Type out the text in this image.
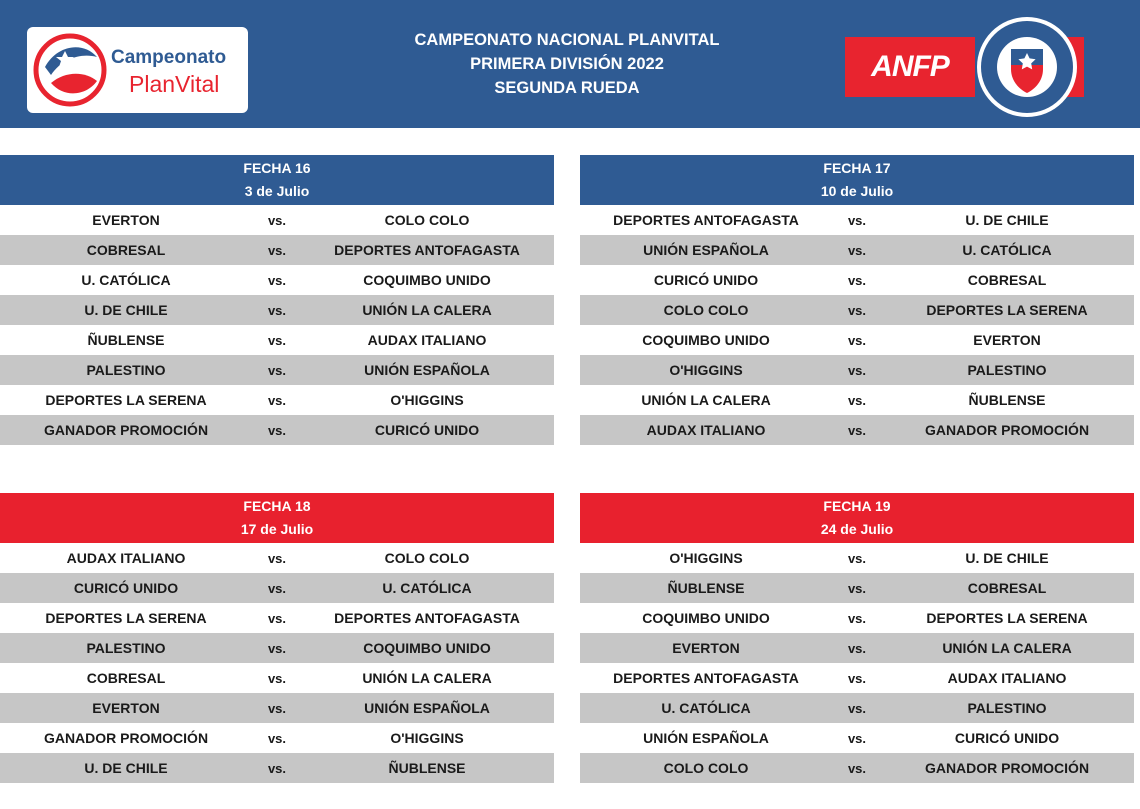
Campeonato
PlanVital
CAMPEONATO NACIONAL PLANVITAL
PRIMERA DIVISIÓN 2022
SEGUNDA RUEDA
ANFP
FECHA 16
3 de Julio
EVERTON	vs.	COLO COLO
COBRESAL	vs.	DEPORTES ANTOFAGASTA
U. CATÓLICA	vs.	COQUIMBO UNIDO
U. DE CHILE	vs.	UNIÓN LA CALERA
ÑUBLENSE	vs.	AUDAX ITALIANO
PALESTINO	vs.	UNIÓN ESPAÑOLA
DEPORTES LA SERENA	vs.	O'HIGGINS
GANADOR PROMOCIÓN	vs.	CURICÓ UNIDO
FECHA 17
10 de Julio
DEPORTES ANTOFAGASTA	vs.	U. DE CHILE
UNIÓN ESPAÑOLA	vs.	U. CATÓLICA
CURICÓ UNIDO	vs.	COBRESAL
COLO COLO	vs.	DEPORTES LA SERENA
COQUIMBO UNIDO	vs.	EVERTON
O'HIGGINS	vs.	PALESTINO
UNIÓN LA CALERA	vs.	ÑUBLENSE
AUDAX ITALIANO	vs.	GANADOR PROMOCIÓN
FECHA 18
17 de Julio
AUDAX ITALIANO	vs.	COLO COLO
CURICÓ UNIDO	vs.	U. CATÓLICA
DEPORTES LA SERENA	vs.	DEPORTES ANTOFAGASTA
PALESTINO	vs.	COQUIMBO UNIDO
COBRESAL	vs.	UNIÓN LA CALERA
EVERTON	vs.	UNIÓN ESPAÑOLA
GANADOR PROMOCIÓN	vs.	O'HIGGINS
U. DE CHILE	vs.	ÑUBLENSE
FECHA 19
24 de Julio
O'HIGGINS	vs.	U. DE CHILE
ÑUBLENSE	vs.	COBRESAL
COQUIMBO UNIDO	vs.	DEPORTES LA SERENA
EVERTON	vs.	UNIÓN LA CALERA
DEPORTES ANTOFAGASTA	vs.	AUDAX ITALIANO
U. CATÓLICA	vs.	PALESTINO
UNIÓN ESPAÑOLA	vs.	CURICÓ UNIDO
COLO COLO	vs.	GANADOR PROMOCIÓN
